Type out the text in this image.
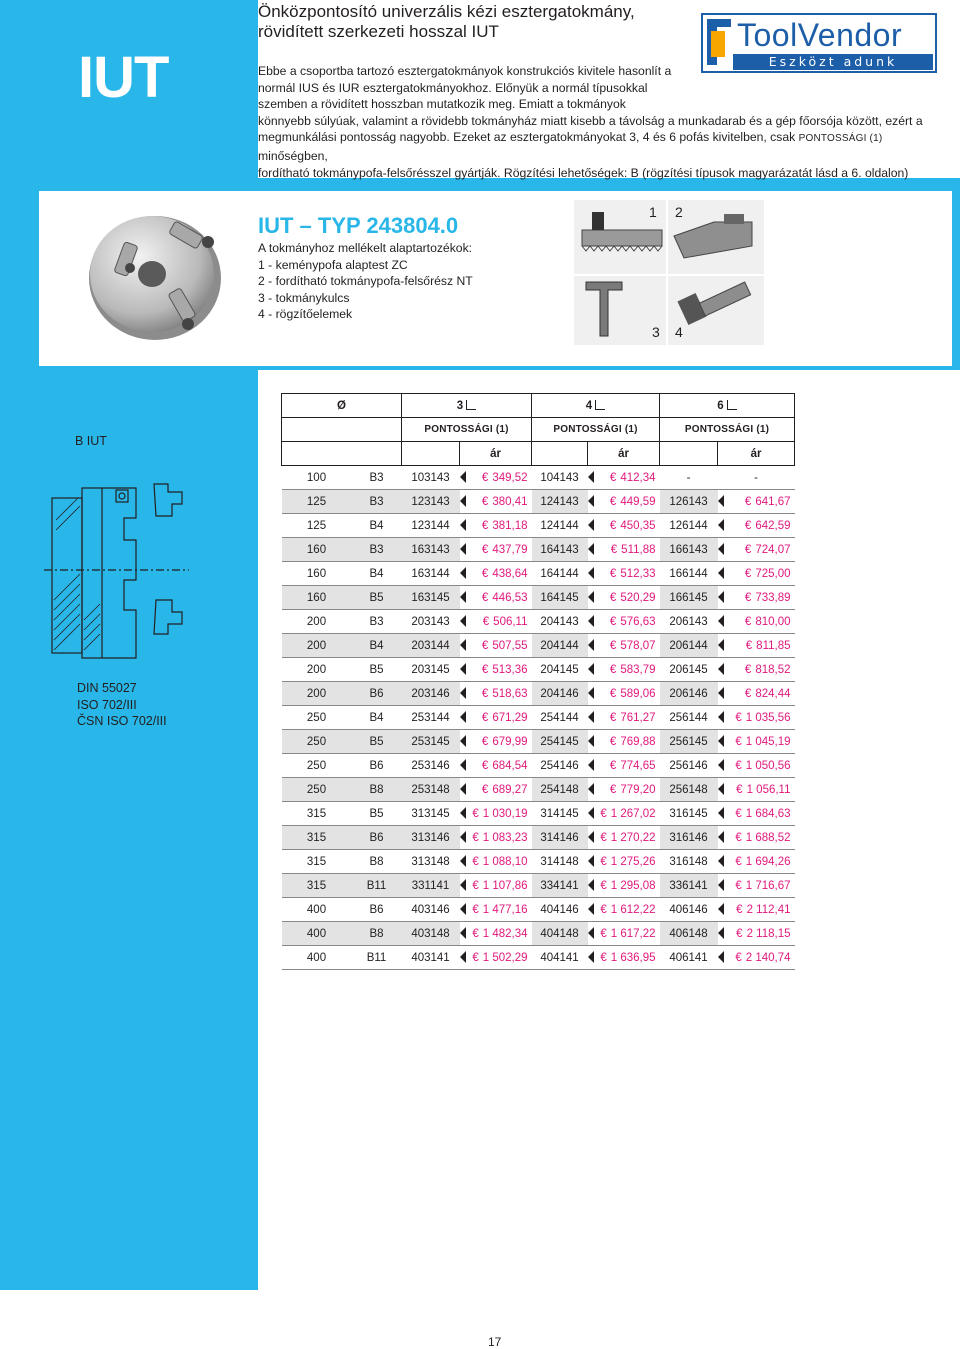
IUT
Önközpontosító univerzális kézi esztergatokmány,
rövidített szerkezeti hosszal IUT	ToolVendor
Eszközt adunk
Ebbe a csoportba tartozó esztergatokmányok konstrukciós kivitele hasonlít a
normál IUS és IUR esztergatokmányokhoz. Előnyük a normál típusokkal
szemben a rövidített hosszban mutatkozik meg. Emiatt a tokmányok
könnyebb súlyúak, valamint a rövidebb tokmányház miatt kisebb a távolság a munkadarab és a gép főorsója között, ezért a
megmunkálási pontosság nagyobb. Ezeket az esztergatokmányokat 3, 4 és 6 pofás kivitelben, csak PONTOSSÁGI (1) minőségben,
fordítható tokmánypofa-felsőrésszel gyártják. Rögzítési lehetőségek: B (rögzítési típusok magyarázatát lásd a 6. oldalon)
IUT – TYP 243804.0
A tokmányhoz mellékelt alaptartozékok:
1 - keménypofa alaptest ZC
2 - fordítható tokmánypofa-felsőrész NT
3 - tokmánykulcs
4 - rögzítőelemek
1 2
3 4
B IUT
DIN 55027
ISO 702/III
ČSN ISO 702/III
Ø		3		4		6	
		PONTOSSÁGI (1)		PONTOSSÁGI (1)		PONTOSSÁGI (1)	
			ár		ár		ár
100	B3	103143	€ 349,52	104143	€ 412,34	-	-
125	B3	123143	€ 380,41	124143	€ 449,59	126143	€ 641,67
125	B4	123144	€ 381,18	124144	€ 450,35	126144	€ 642,59
160	B3	163143	€ 437,79	164143	€ 511,88	166143	€ 724,07
160	B4	163144	€ 438,64	164144	€ 512,33	166144	€ 725,00
160	B5	163145	€ 446,53	164145	€ 520,29	166145	€ 733,89
200	B3	203143	€ 506,11	204143	€ 576,63	206143	€ 810,00
200	B4	203144	€ 507,55	204144	€ 578,07	206144	€ 811,85
200	B5	203145	€ 513,36	204145	€ 583,79	206145	€ 818,52
200	B6	203146	€ 518,63	204146	€ 589,06	206146	€ 824,44
250	B4	253144	€ 671,29	254144	€ 761,27	256144	€ 1 035,56
250	B5	253145	€ 679,99	254145	€ 769,88	256145	€ 1 045,19
250	B6	253146	€ 684,54	254146	€ 774,65	256146	€ 1 050,56
250	B8	253148	€ 689,27	254148	€ 779,20	256148	€ 1 056,11
315	B5	313145	€ 1 030,19	314145	€ 1 267,02	316145	€ 1 684,63
315	B6	313146	€ 1 083,23	314146	€ 1 270,22	316146	€ 1 688,52
315	B8	313148	€ 1 088,10	314148	€ 1 275,26	316148	€ 1 694,26
315	B11	331141	€ 1 107,86	334141	€ 1 295,08	336141	€ 1 716,67
400	B6	403146	€ 1 477,16	404146	€ 1 612,22	406146	€ 2 112,41
400	B8	403148	€ 1 482,34	404148	€ 1 617,22	406148	€ 2 118,15
400	B11	403141	€ 1 502,29	404141	€ 1 636,95	406141	€ 2 140,74
17
